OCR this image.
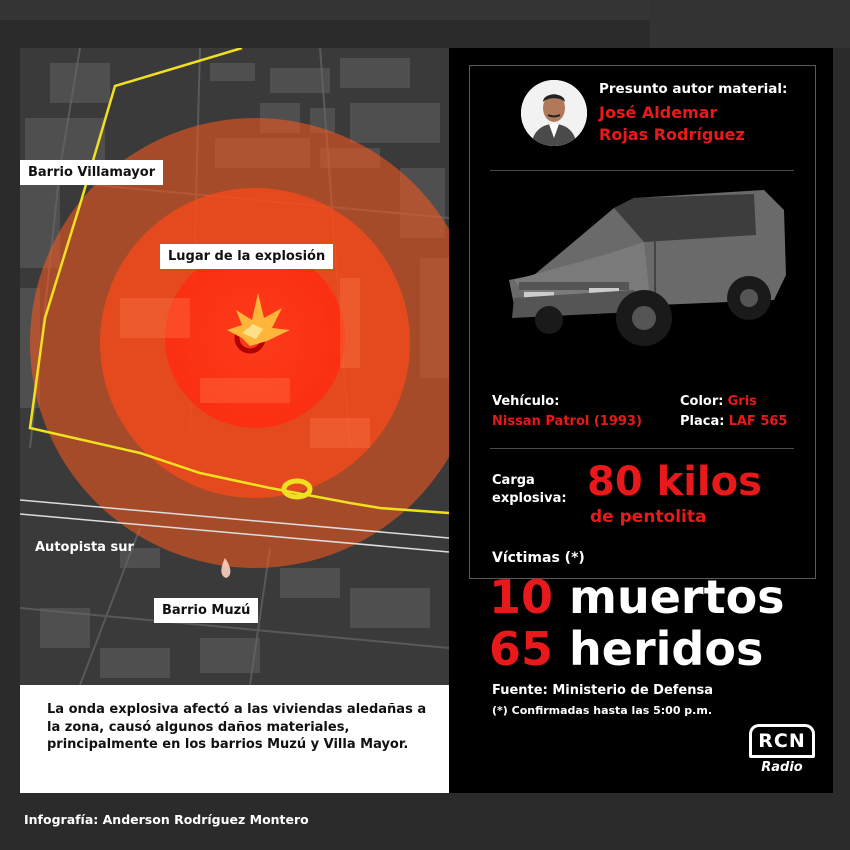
Barrio Villamayor
Lugar de la explosión
Autopista sur
Barrio Muzú
La onda explosiva afectó a las viviendas aledañas a la zona, causó algunos daños materiales, principalmente en los barrios Muzú y Villa Mayor.
Presunto autor material:
José Aldemar
Rojas Rodríguez
Vehículo:
Nissan Patrol (1993)
Color: Gris
Placa: LAF 565
Carga
explosiva: 80 kilos
de pentolita
Víctimas (*)
10 muertos
65 heridos
Fuente: Ministerio de Defensa
(*) Confirmadas hasta las 5:00 p.m.
RCN
Radio
Infografía: Anderson Rodríguez Montero
